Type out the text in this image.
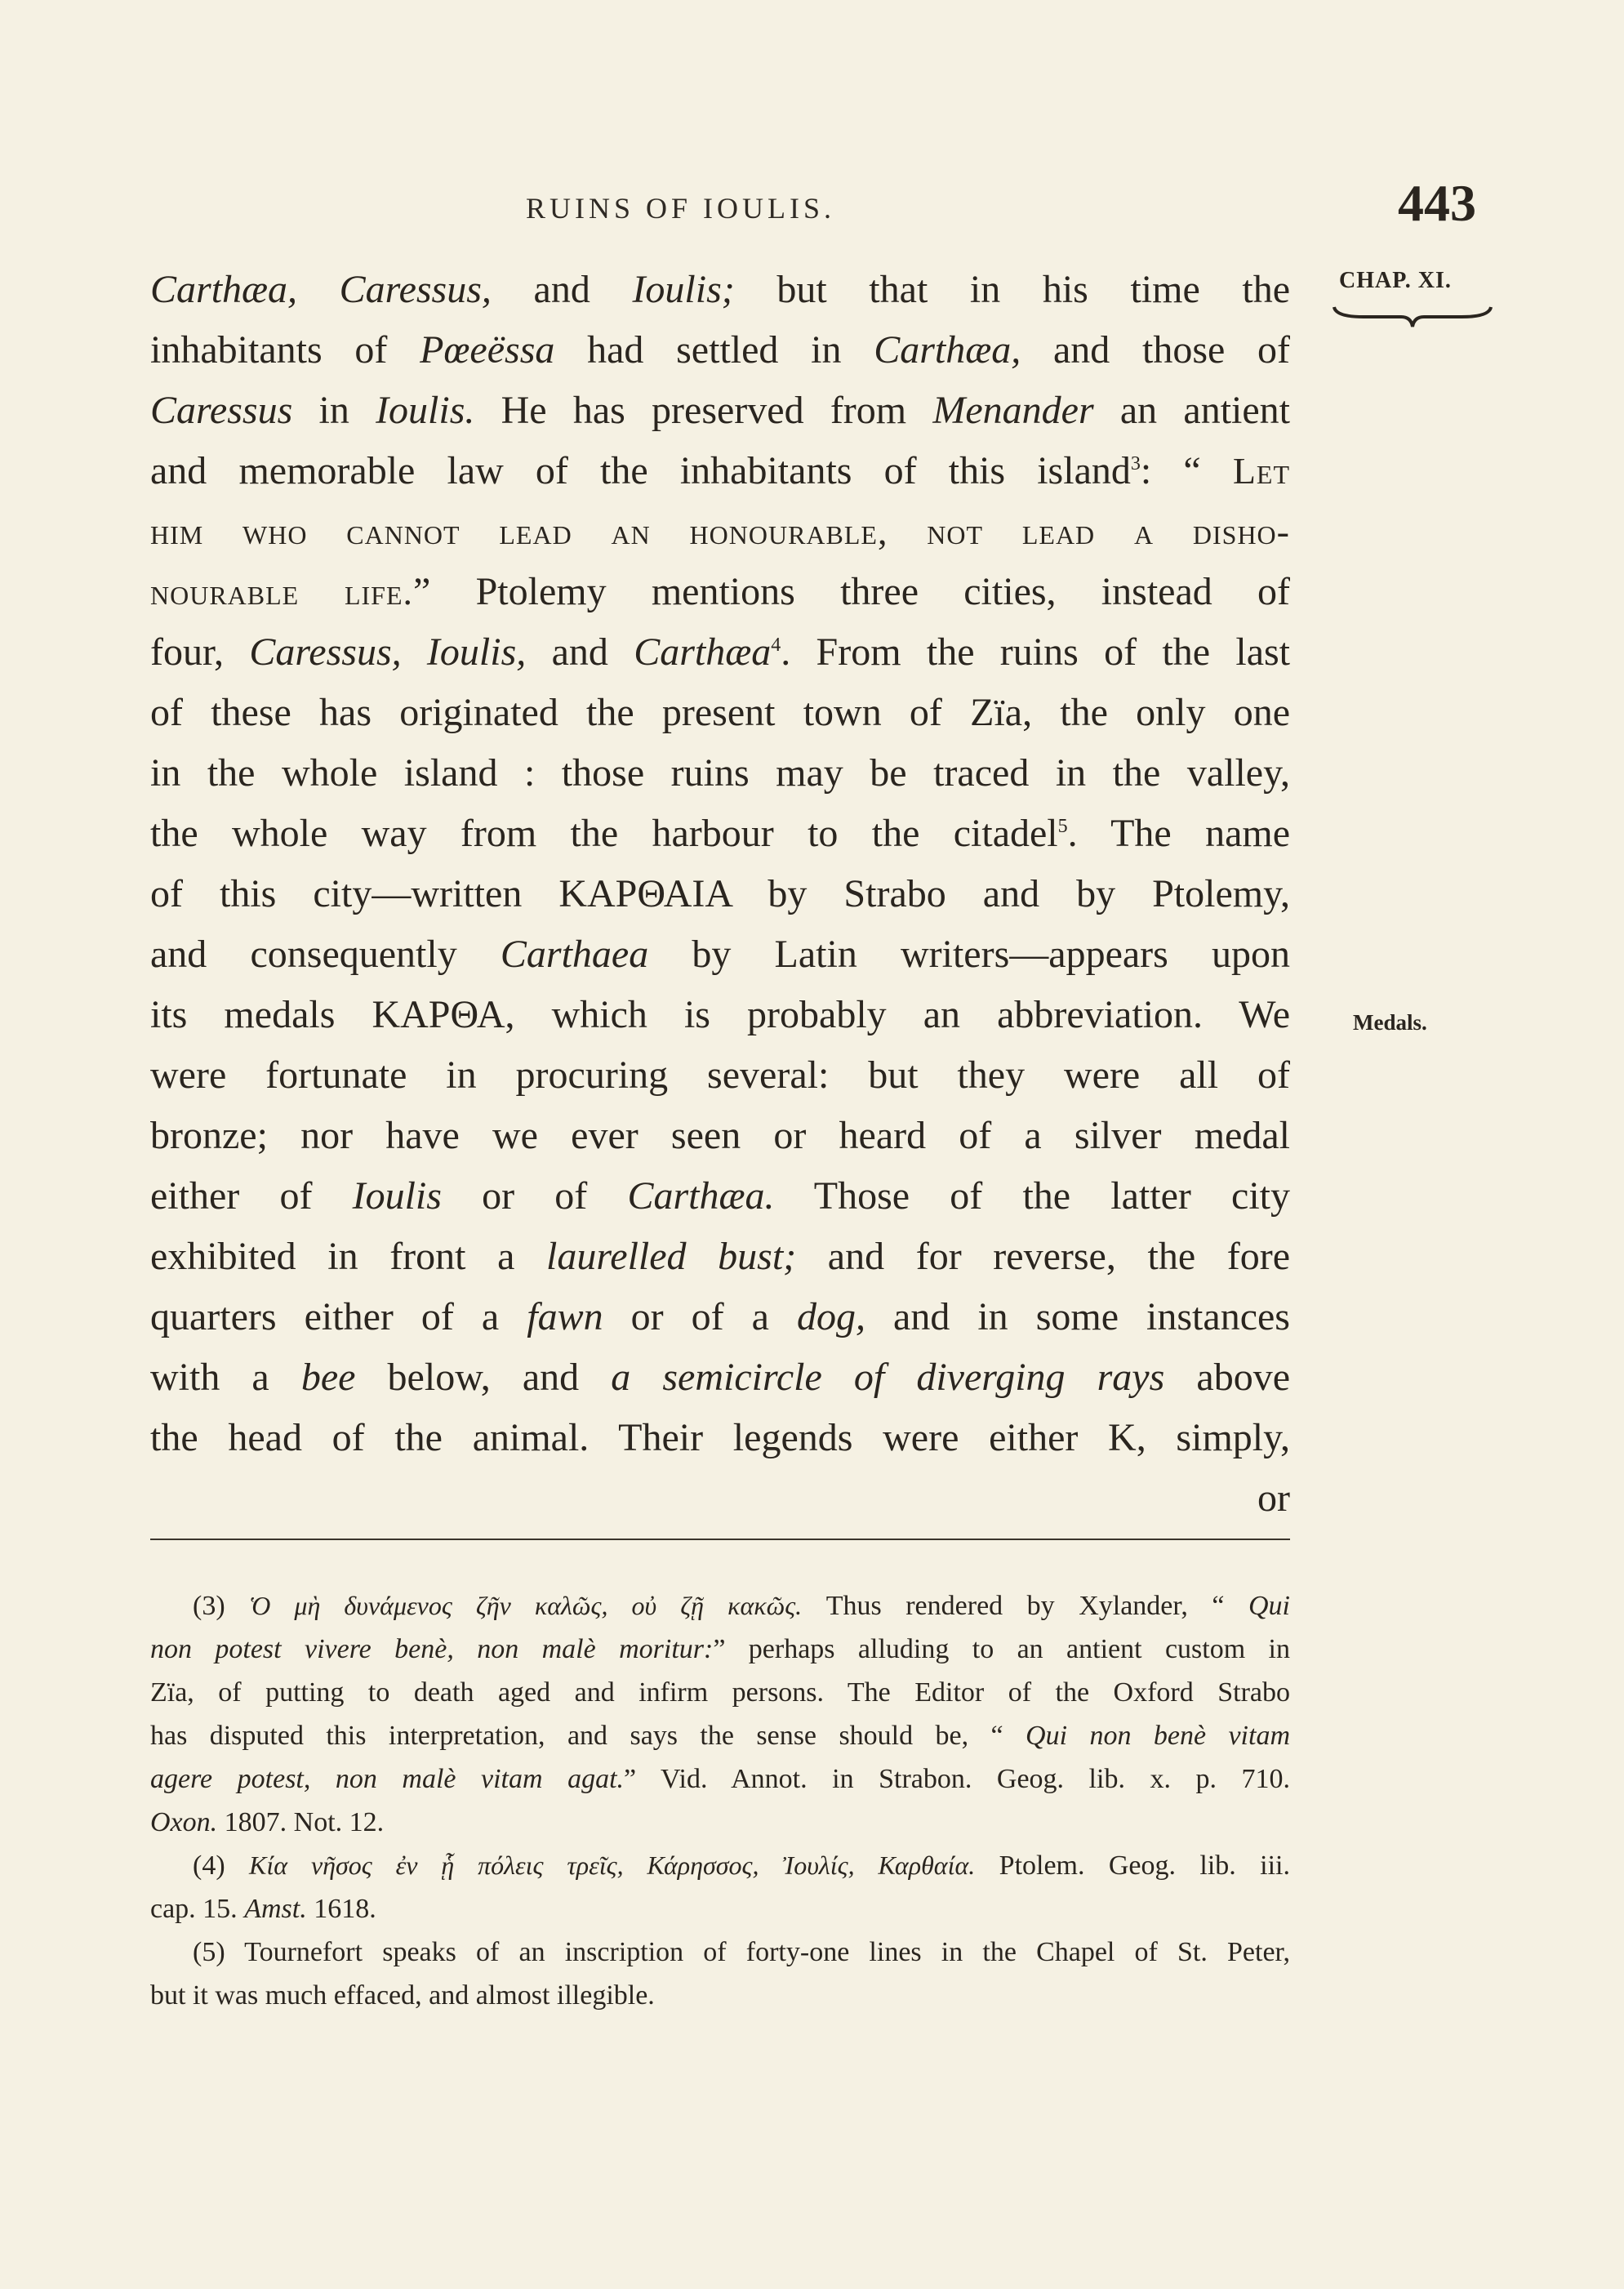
RUINS OF IOULIS.	443
CHAP. XI.
Medals.
Carthæa, Caressus, and Ioulis; but that in his time the
inhabitants of Pœeëssa had settled in Carthæa, and those of
Caressus in Ioulis. He has preserved from Menander an antient
and memorable law of the inhabitants of this island$^3$: “ Let
him who cannot lead an honourable, not lead a disho-
nourable life.” Ptolemy mentions three cities, instead of
four, Caressus, Ioulis, and Carthæa$^4$. From the ruins of the last
of these has originated the present town of Zïa, the only one
in the whole island : those ruins may be traced in the valley,
the whole way from the harbour to the citadel$^5$. The name
of this city—written ΚΑΡΘΑΙΑ by Strabo and by Ptolemy,
and consequently Carthaea by Latin writers—appears upon
its medals ΚΑΡΘΑ, which is probably an abbreviation. We
were fortunate in procuring several: but they were all of
bronze; nor have we ever seen or heard of a silver medal
either of Ioulis or of Carthæa. Those of the latter city
exhibited in front a laurelled bust; and for reverse, the fore
quarters either of a fawn or of a dog, and in some instances
with a bee below, and a semicircle of diverging rays above
the head of the animal. Their legends were either Κ, simply,
or
(3) Ὁ μὴ δυνάμενος ζῆν καλῶς, οὐ ζῇ κακῶς. Thus rendered by Xylander, “ Qui
non potest vivere benè, non malè moritur:” perhaps alluding to an antient custom in
Zïa, of putting to death aged and infirm persons. The Editor of the Oxford Strabo
has disputed this interpretation, and says the sense should be, “ Qui non benè vitam
agere potest, non malè vitam agat.” Vid. Annot. in Strabon. Geog. lib. x. p. 710.
Oxon. 1807. Not. 12.
(4) Κία νῆσος ἐν ᾗ πόλεις τρεῖς, Κάρησσος, Ἰουλίς, Καρθαία. Ptolem. Geog. lib. iii.
cap. 15. Amst. 1618.
(5) Tournefort speaks of an inscription of forty-one lines in the Chapel of St. Peter,
but it was much effaced, and almost illegible.
